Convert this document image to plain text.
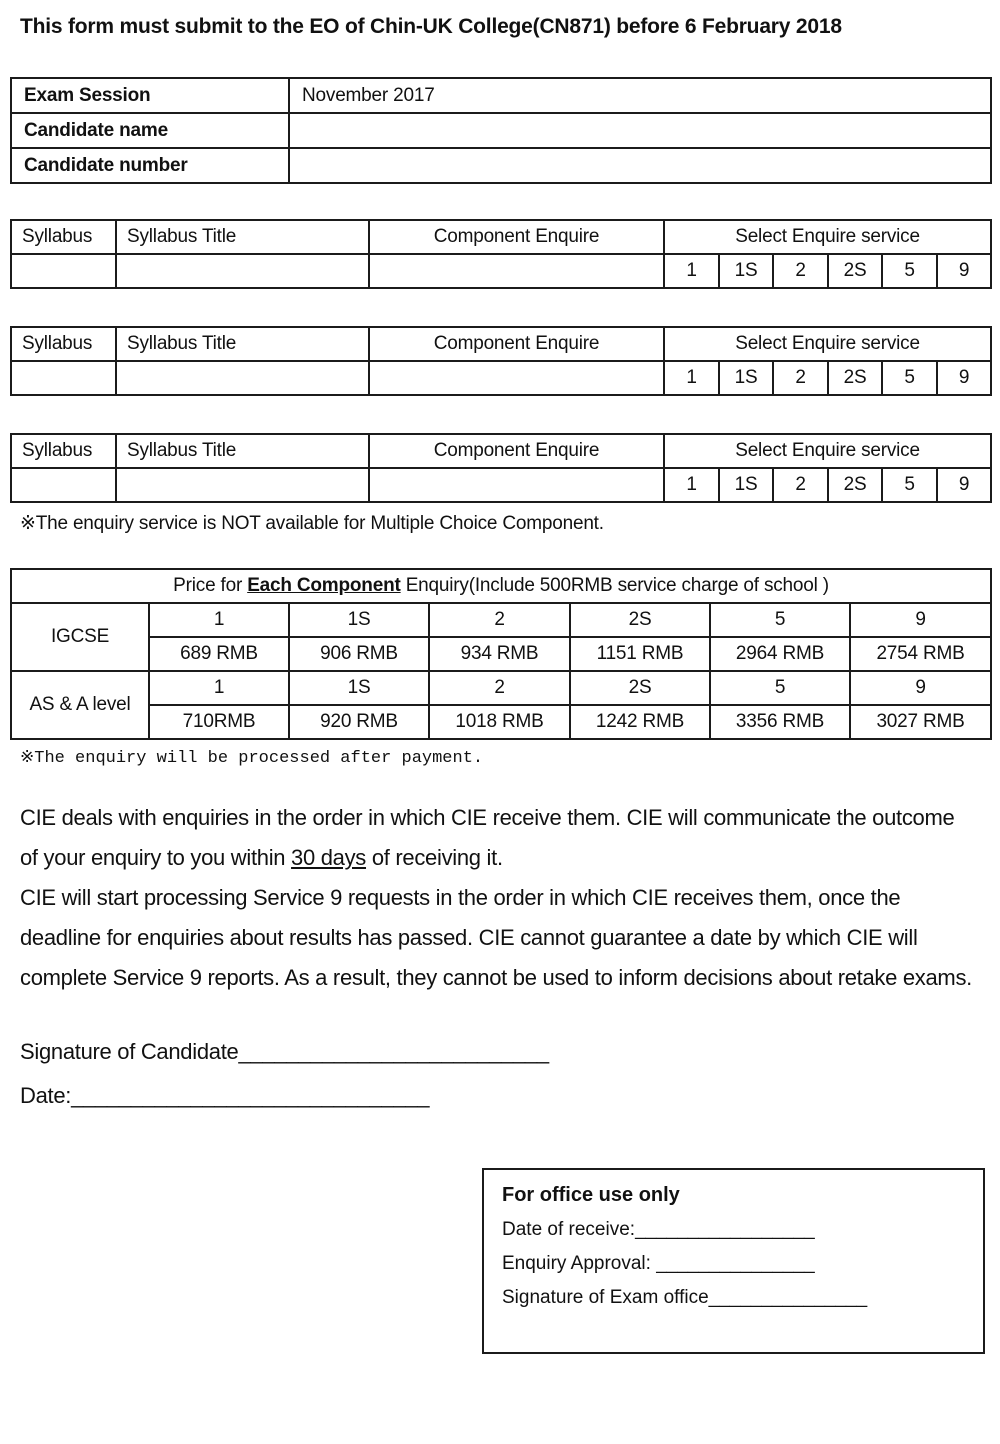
This form must submit to the EO of Chin-UK College(CN871) before 6 February 2018
Exam Session	November 2017
Candidate name	
Candidate number	
Syllabus	Syllabus Title	Component Enquire	Select Enquire service					
			1	1S	2	2S	5	9
Syllabus	Syllabus Title	Component Enquire	Select Enquire service					
			1	1S	2	2S	5	9
Syllabus	Syllabus Title	Component Enquire	Select Enquire service					
			1	1S	2	2S	5	9
※The enquiry service is NOT available for Multiple Choice Component.
Price for Each Component Enquiry(Include 500RMB service charge of school )						
IGCSE	1	1S	2	2S	5	9
	689 RMB	906 RMB	934 RMB	1151 RMB	2964 RMB	2754 RMB
AS & A level	1	1S	2	2S	5	9
	710RMB	920 RMB	1018 RMB	1242 RMB	3356 RMB	3027 RMB
※The enquiry will be processed after payment.

CIE deals with enquiries in the order in which CIE receive them. CIE will communicate the outcome of your enquiry to you within 30 days of receiving it.

CIE will start processing Service 9 requests in the order in which CIE receives them, once the deadline for enquiries about results has passed. CIE cannot guarantee a date by which CIE will complete Service 9 reports. As a result, they cannot be used to inform decisions about retake exams.

Signature of Candidate__________________________
Date:______________________________
For office use only
Date of receive:_________________
Enquiry Approval: _______________
Signature of Exam office_______________
